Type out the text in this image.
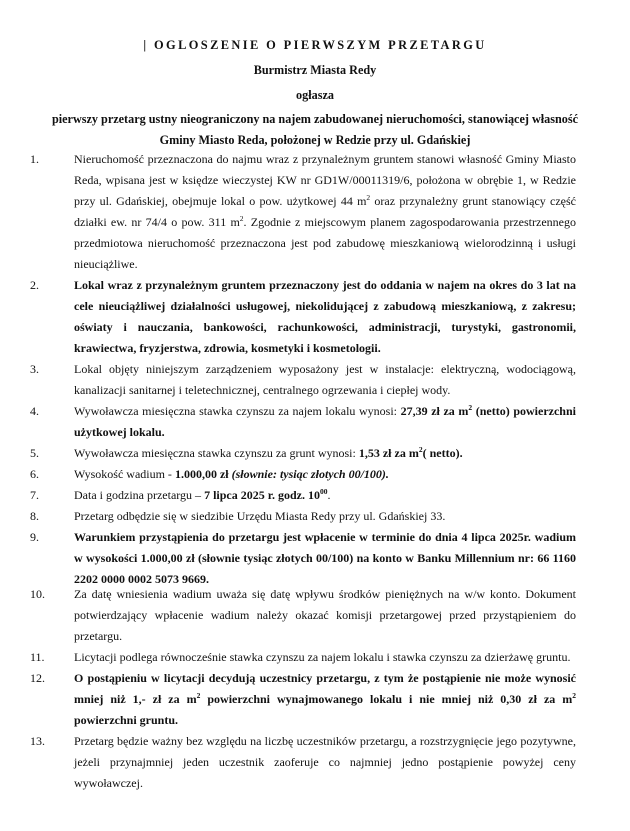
| OGLOSZENIE O PIERWSZYM PRZETARGU
Burmistrz Miasta Redy
ogłasza
pierwszy przetarg ustny nieograniczony na najem zabudowanej nieruchomości, stanowiącej własność
Gminy Miasto Reda, położonej w Redzie przy ul. Gdańskiej
1.	Nieruchomość przeznaczona do najmu wraz z przynależnym gruntem stanowi własność Gminy Miasto Reda, wpisana jest w księdze wieczystej KW nr GD1W/00011319/6, położona w obrębie 1, w Redzie przy ul. Gdańskiej, obejmuje lokal o pow. użytkowej 44 $m^2$ oraz przynależny grunt stanowiący część działki ew. nr 74/4 o pow. 311 $m^2$. Zgodnie z miejscowym planem zagospodarowania przestrzennego przedmiotowa nieruchomość przeznaczona jest pod zabudowę mieszkaniową wielorodzinną i usługi nieuciążliwe.
2.	Lokal wraz z przynależnym gruntem przeznaczony jest do oddania w najem na okres do 3 lat na cele nieuciążliwej działalności usługowej, niekolidującej z zabudową mieszkaniową, z zakresu; oświaty i nauczania, bankowości, rachunkowości, administracji, turystyki, gastronomii, krawiectwa, fryzjerstwa, zdrowia, kosmetyki i kosmetologii.
3.	Lokal objęty niniejszym zarządzeniem wyposażony jest w instalacje: elektryczną, wodociągową, kanalizacji sanitarnej i teletechnicznej, centralnego ogrzewania i ciepłej wody.
4.	Wywoławcza miesięczna stawka czynszu za najem lokalu wynosi: 27,39 zł za $m^2$ (netto) powierzchni użytkowej lokalu.
5.	Wywoławcza miesięczna stawka czynszu za grunt wynosi: 1,53 zł za $m^2$( netto).
6.	Wysokość wadium - 1.000,00 zł (słownie: tysiąc złotych 00/100).
7.	Data i godzina przetargu – 7 lipca 2025 r. godz. $10^{00}$.
8.	Przetarg odbędzie się w siedzibie Urzędu Miasta Redy przy ul. Gdańskiej 33.
9.	Warunkiem przystąpienia do przetargu jest wpłacenie w terminie do dnia 4 lipca 2025r. wadium w wysokości 1.000,00 zł (słownie tysiąc złotych 00/100) na konto w Banku Millennium nr: 66 1160 2202 0000 0002 5073 9669.
10.	Za datę wniesienia wadium uważa się datę wpływu środków pieniężnych na w/w konto. Dokument potwierdzający wpłacenie wadium należy okazać komisji przetargowej przed przystąpieniem do przetargu.
11.	Licytacji podlega równocześnie stawka czynszu za najem lokalu i stawka czynszu za dzierżawę gruntu.
12.	O postąpieniu w licytacji decydują uczestnicy przetargu, z tym że postąpienie nie może wynosić mniej niż 1,- zł za $m^2$ powierzchni wynajmowanego lokalu i nie mniej niż 0,30 zł za $m^2$ powierzchni gruntu.
13.	Przetarg będzie ważny bez względu na liczbę uczestników przetargu, a rozstrzygnięcie jego pozytywne, jeżeli przynajmniej jeden uczestnik zaoferuje co najmniej jedno postąpienie powyżej ceny wywoławczej.
